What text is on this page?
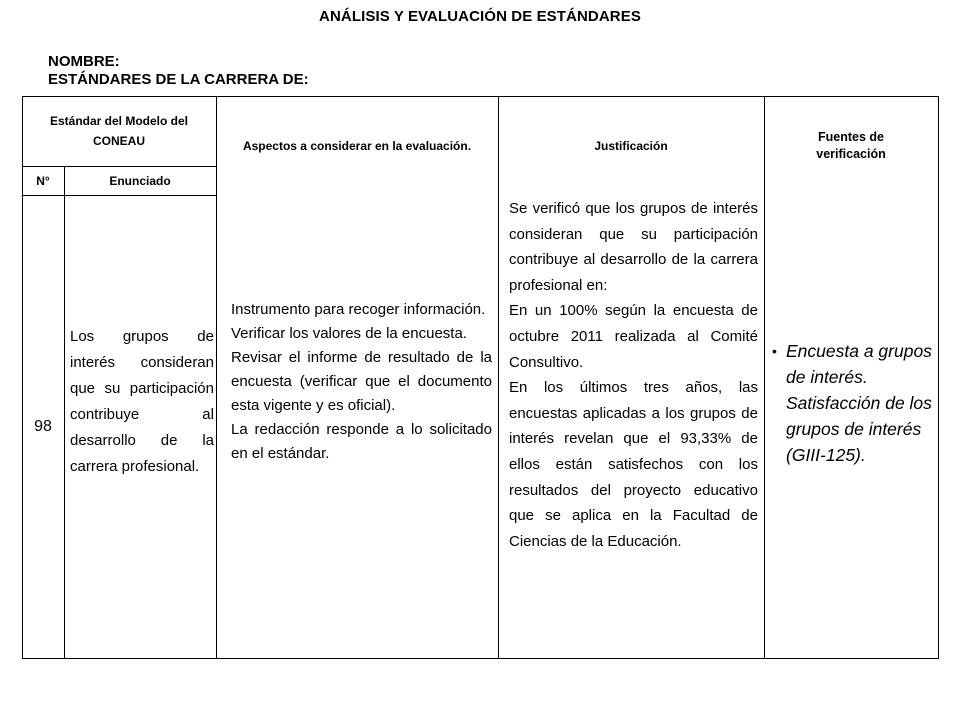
ANÁLISIS Y EVALUACIÓN DE ESTÁNDARES
NOMBRE:
ESTÁNDARES DE LA CARRERA DE:
Estándar del Modelo del CONEAU
N°	Enunciado
Aspectos a considerar en la evaluación.	Justificación
Fuentes de verificación
98

Los grupos de interés consideran que su participación contribuye al desarrollo de la carrera profesional.

Instrumento para recoger información.

Verificar los valores de la encuesta.

Revisar el informe de resultado de la encuesta (verificar que el documento esta vigente y es oficial).

La redacción responde a lo solicitado en el estándar.

Se verificó que los grupos de interés consideran que su participación contribuye al desarrollo de la carrera profesional en:

En un 100% según la encuesta de octubre 2011 realizada al Comité Consultivo.

En los últimos tres años, las encuestas aplicadas a los grupos de interés revelan que el 93,33% de ellos están satisfechos con los resultados del proyecto educativo que se aplica en la Facultad de Ciencias de la Educación.

• Encuesta a grupos de interés. Satisfacción de los grupos de interés (GIII-125).
